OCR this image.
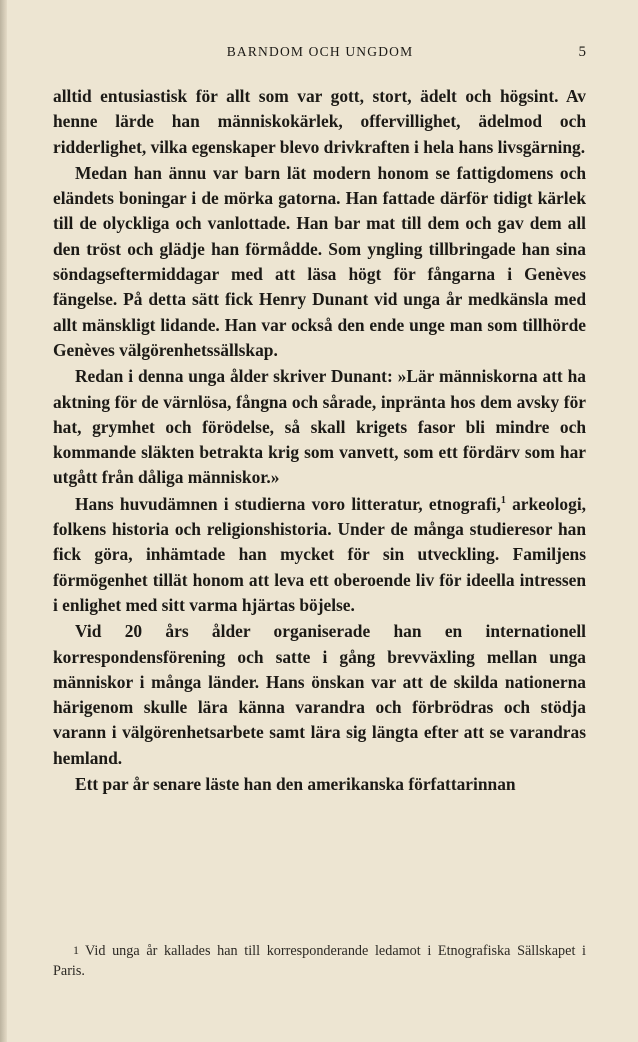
BARNDOM OCH UNGDOM	5

alltid entusiastisk för allt som var gott, stort, ädelt och högsint. Av henne lärde han människokärlek, offervillighet, ädelmod och ridderlighet, vilka egenskaper blevo drivkraften i hela hans livsgärning.

Medan han ännu var barn lät modern honom se fattigdomens och eländets boningar i de mörka gatorna. Han fattade därför tidigt kärlek till de olyckliga och vanlottade. Han bar mat till dem och gav dem all den tröst och glädje han förmådde. Som yngling tillbringade han sina söndagseftermiddagar med att läsa högt för fångarna i Genèves fängelse. På detta sätt fick Henry Dunant vid unga år medkänsla med allt mänskligt lidande. Han var också den ende unge man som tillhörde Genèves välgörenhetssällskap.

Redan i denna unga ålder skriver Dunant: »Lär människorna att ha aktning för de värnlösa, fångna och sårade, inpränta hos dem avsky för hat, grymhet och förödelse, så skall krigets fasor bli mindre och kommande släkten betrakta krig som vanvett, som ett fördärv som har utgått från dåliga människor.»

Hans huvudämnen i studierna voro litteratur, etnografi,$^1$ arkeologi, folkens historia och religionshistoria. Under de många studieresor han fick göra, inhämtade han mycket för sin utveckling. Familjens förmögenhet tillät honom att leva ett oberoende liv för ideella intressen i enlighet med sitt varma hjärtas böjelse.

Vid 20 års ålder organiserade han en internationell korrespondensförening och satte i gång brevväxling mellan unga människor i många länder. Hans önskan var att de skilda nationerna härigenom skulle lära känna varandra och förbrödras och stödja varann i välgörenhetsarbete samt lära sig längta efter att se varandras hemland.

Ett par år senare läste han den amerikanska författarinnan

1 Vid unga år kallades han till korresponderande ledamot i Etnografiska Sällskapet i Paris.
